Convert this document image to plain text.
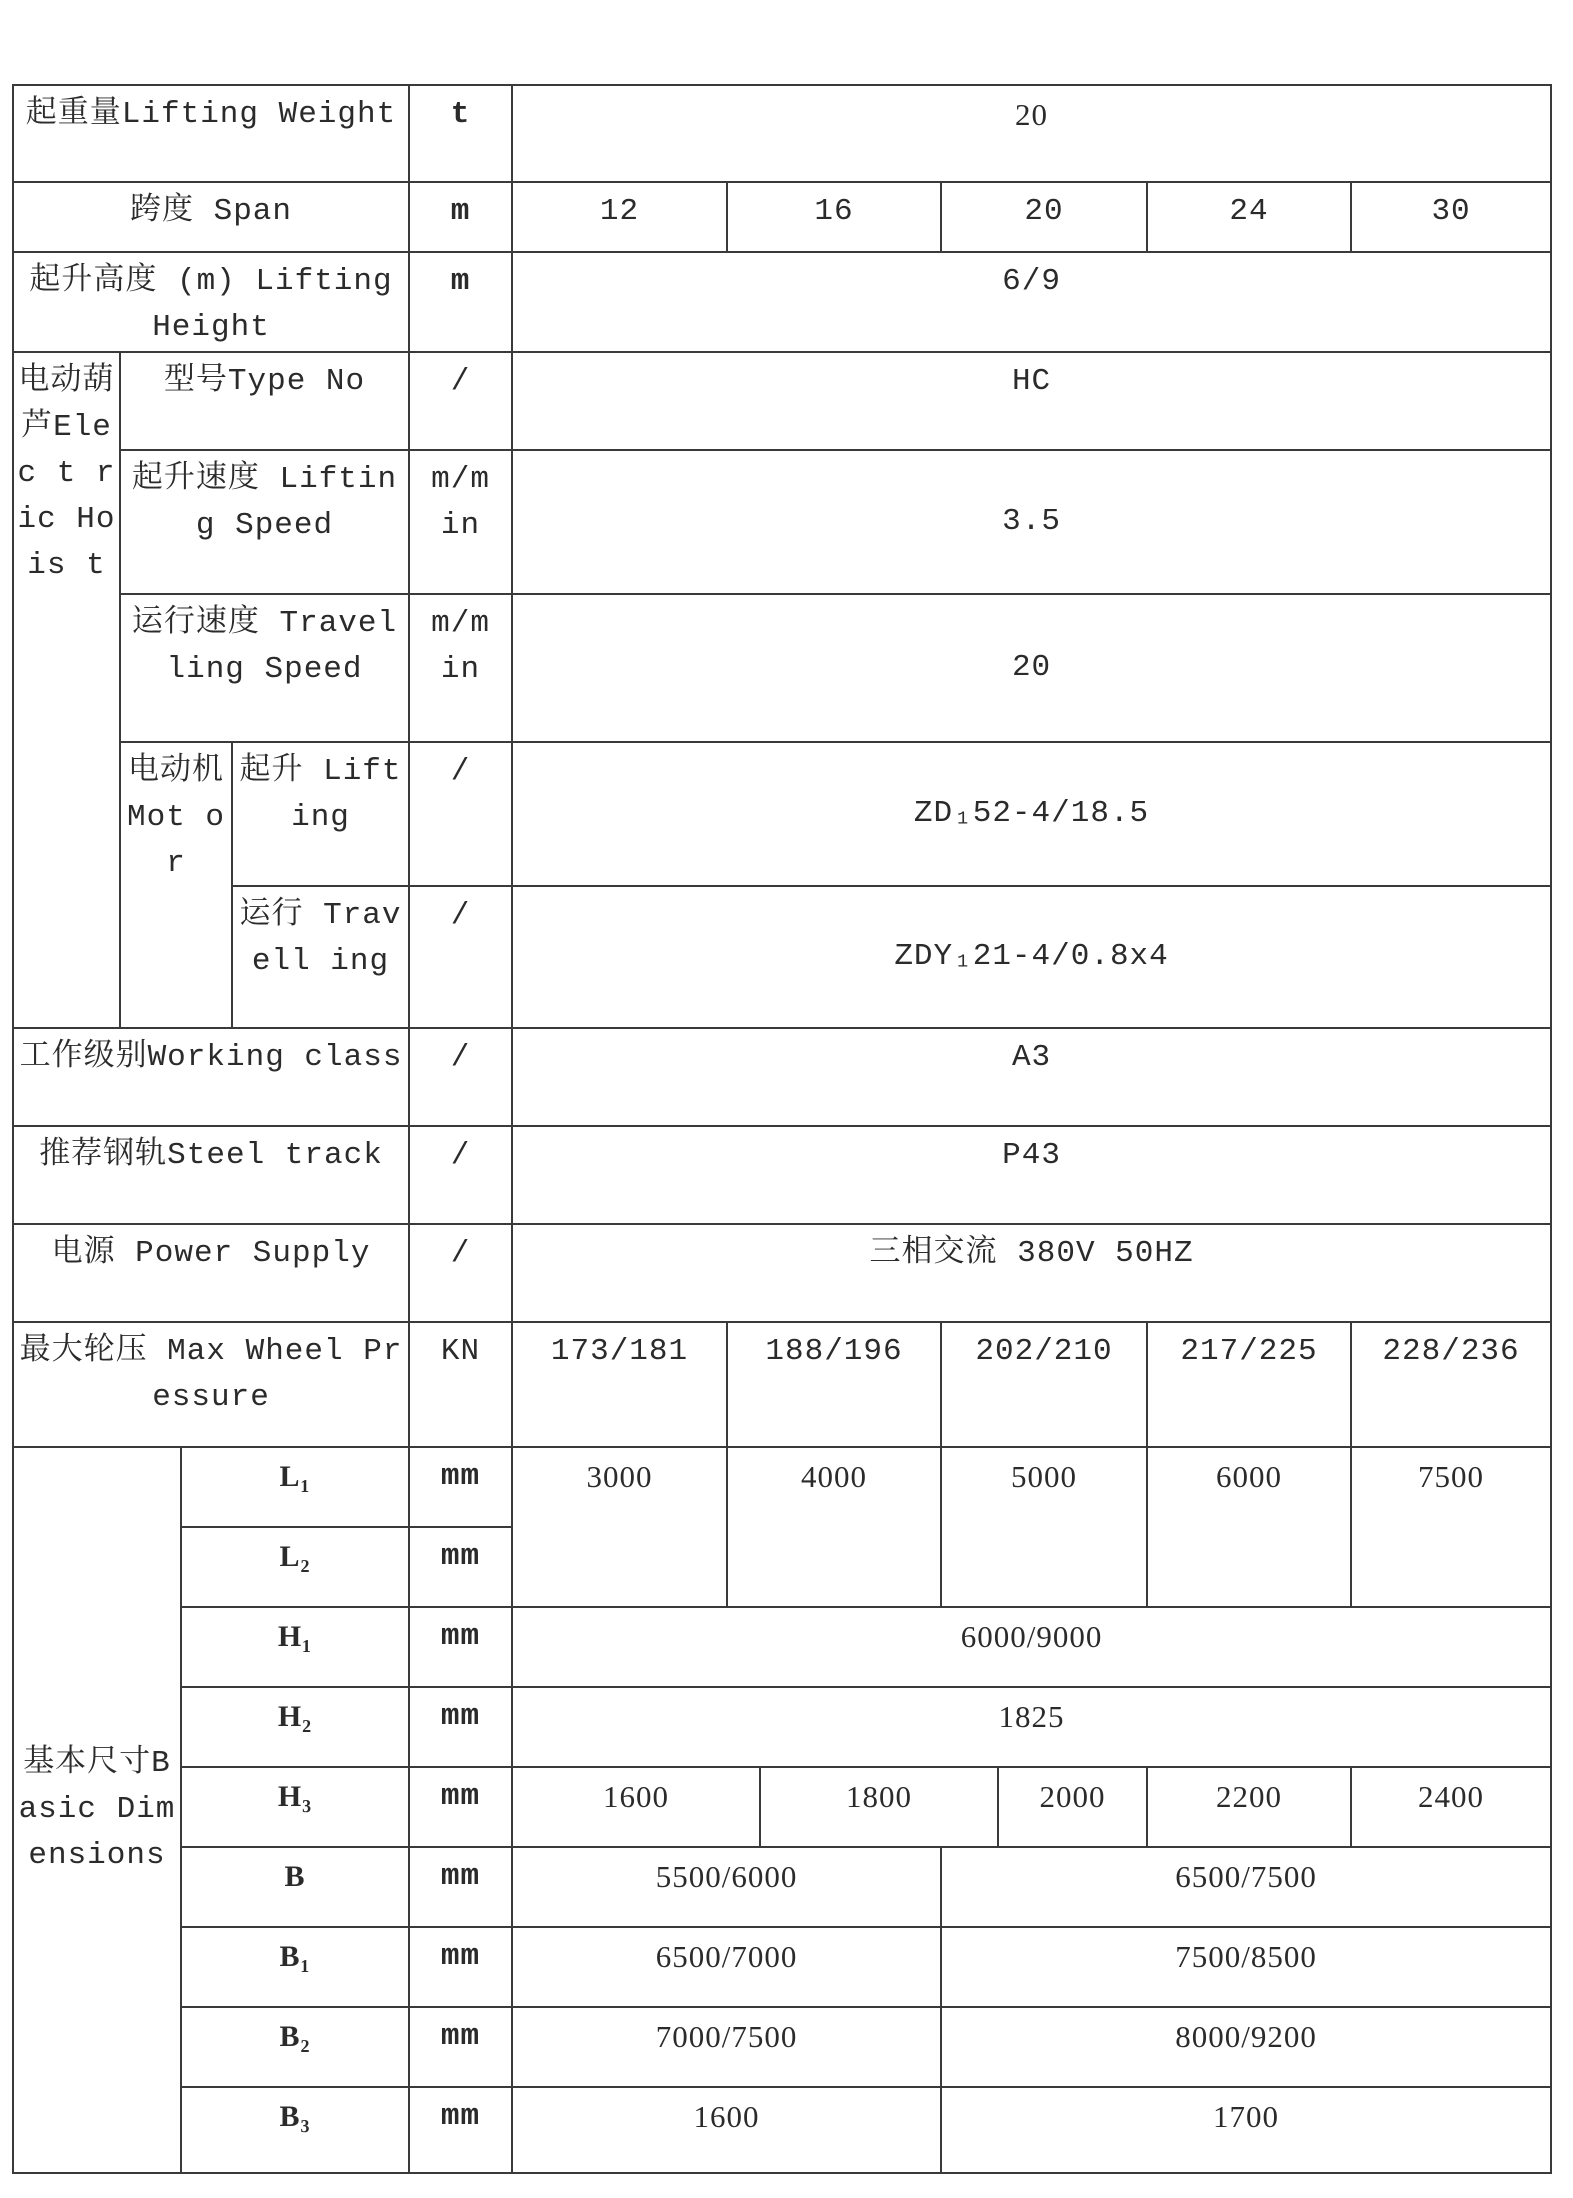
起重量Lifting Weight				t	20						
跨度 Span				m	12	16		20		24	30
起升高度 (m) Lifting Height				m	6/9						
电动葫芦Elec t ric Hois t	型号Type No			/	HC						
	起升速度 Lifting Speed			m/m in	3.5						
	运行速度 Travelling Speed			m/m in	20						
	电动机Mot or		起升 Lifting	/	ZD₁52-4/18.5						
			运行 Travell ing	/	ZDY₁21-4/0.8x4						
工作级别Working class				/	A3						
推荐钢轨Steel track				/	P43						
电源 Power Supply				/	三相交流 380V 50HZ						
最大轮压 Max Wheel Pressure				KN	173/181	188/196		202/210		217/225	228/236
基本尺寸Basic Dimensions		L₁		mm	3000	4000		5000		6000	7500
		L₂		mm							
		H₁		mm	6000/9000						
		H₂		mm	1825						
		H₃		mm	1600		1800		2000	2200	2400
		B		mm	5500/6000			6500/7500			
		B₁		mm	6500/7000			7500/8500			
		B₂		mm	7000/7500			8000/9200			
		B₃		mm	1600			1700			
